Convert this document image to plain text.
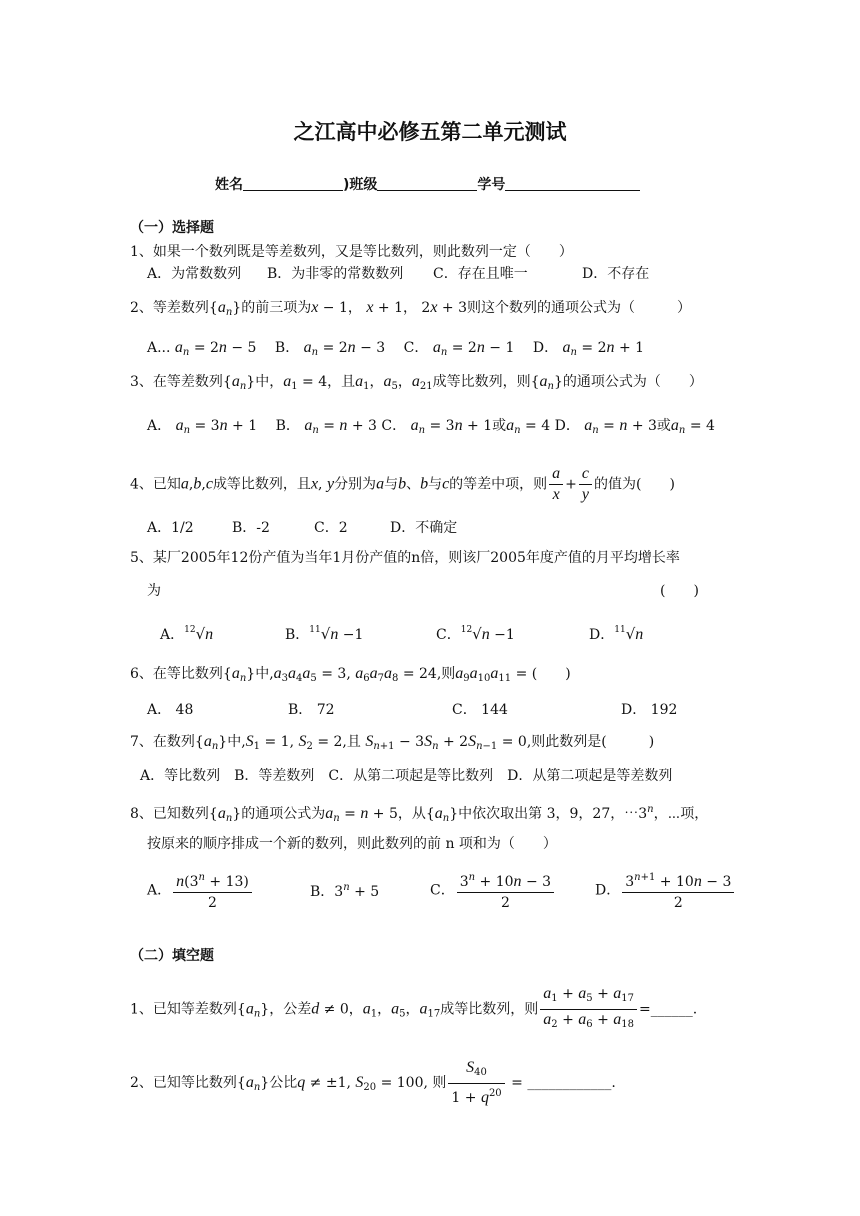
之江高中必修五第二单元测试
姓名	)班级	学号
（一）选择题
1、如果一个数列既是等差数列，又是等比数列，则此数列一定（　　）
A．为常数数列 B．为非零的常数数列 C．存在且唯一	D．不存在
2、等差数列$\{a_n\}$的前三项为x − 1， x + 1， 2x + 3则这个数列的通项公式为（　　　）
A... $a_n = 2n - 5$　 B． $a_n = 2n - 3$　 C． $a_n = 2n - 1$　 D． $a_n = 2n + 1$
3、在等差数列$\{a_n\}$中，$a_1 = 4$，且$a_1$，$a_5$，$a_{21}$成等比数列，则$\{a_n\}$的通项公式为（　　）
A． $a_n = 3n + 1$　 B． $a_n = n + 3$ C． $a_n = 3n + 1$或$a_n = 4$ D． $a_n = n + 3$或$a_n = 4$
4、已知a,b,c成等比数列，且x, y分别为a与b、b与c的等差中项，则 $\frac{a}{x} + \frac{c}{y}$ 的值为(　　)
A．1/2	B．-2	C．2	D．不确定
5、某厂2005年12份产值为当年1月份产值的n倍，则该厂2005年度产值的月平均增长率
为	(　　)
A．$^{12}$√n	B．$^{11}$√n −1	C．$^{12}$√n −1	D．$^{11}$√n
6、在等比数列$\{a_n\}$中$,a_3a_4a_5 = 3$, $a_6a_7a_8 = 24$,则$a_9a_{10}a_{11}$ = (　　)
A． 48	B． 72	C． 144	D． 192
7、在数列$\{a_n\}$中$,S_1 = 1$, $S_2 = 2$,且 $S_{n+1} - 3S_n + 2S_{n-1} = 0$,则此数列是(　　　)
A．等比数列　B．等差数列　C．从第二项起是等比数列　D．从第二项起是等差数列
8、已知数列$\{a_n\}$的通项公式为$a_n = n + 5$，从$\{a_n\}$中依次取出第 3，9，27，⋯3$^n$，⋯项，
按原来的顺序排成一个新的数列，则此数列的前 n 项和为（　　）
A． $\frac{n(3^n + 13)}{2}$	B．$3^n + 5$	C． $\frac{3^n + 10n - 3}{2}$	D． $\frac{3^{n+1} + 10n - 3}{2}$
（二）填空题
1、已知等差数列$\{a_n\}$，公差d ≠ 0，$a_1$，$a_5$，$a_{17}$成等比数列，则 $\frac{a_1 + a_5 + a_{17}}{a_2 + a_6 + a_{18}}$ =______.
2、已知等比数列$\{a_n\}$公比q ≠ ±1, $S_{20} = 100$, 则 $\frac{S_{40}}{1 + q^{20}}$ = ____________.
